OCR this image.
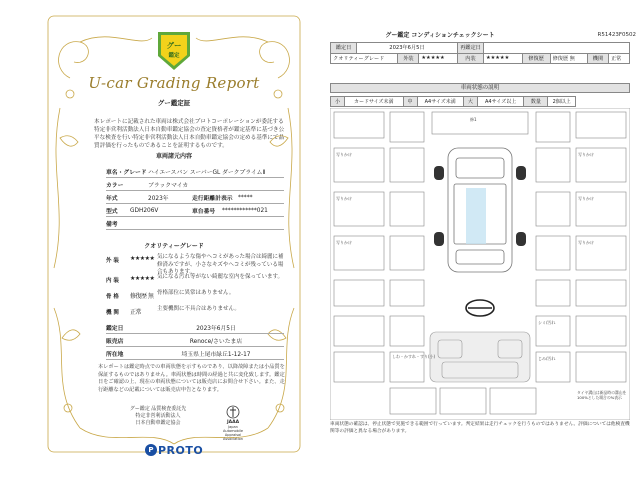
グー
鑑定
U-car Grading Report
グー鑑定証
本レポートに記載された車両は株式会社プロトコーポレーションが委託する特定非営利活動法人日本自動車鑑定協会の査定資格者が鑑定基準に基づき公平な検査を行い特定非営利活動法人日本自動車鑑定協会の定める基準にて品質評価を行ったものであることを証明するものです。
車両諸元内容
車名・グレード ハイエースバン スーパーGL ダークプライムⅡ
カラー	ブラックマイカ
年式	2023年	走行距離計表示 *****
型式	GDH206V	車台番号	************021
備考
クオリティーグレード
外 装	★★★★★ 気になるような傷やヘコミがあった場合は綺麗に補修済みですが、小さなキズやヘコミが残っている場合もあります。
内 装	★★★★★ 気になる汚れ等がない綺麗な室内を保っています。
骨 格	修復歴 無 骨格部位に異常はありません。
機 関	正常	主要機関に不具合はありません。
鑑定日	2023年6月5日
販売店	Renoce/さいたま店
所在地	埼玉県上尾市緑丘1-12-17
本レポートは鑑定時点での車両状態を示すものであり、以降故障または小品質を保証するものではありません。車両状態は時間の経過と共に変化致します。鑑定日をご確認の上、現在の車両状態については販売店にお問合せ下さい。また、走行距離などの記載については販売店申告となります。
グー鑑定 品質検査委託先
特定非営利活動法人
日本自動車鑑定協会	JAAA
Japan Automobile Appraisal Association
P PROTO
グー鑑定 コンディションチェックシート	R51423F0502
鑑定日	2023年6月5日			再鑑定日					
クオリティーグレード		外装	★★★★★	内装	★★★★★	修復歴	修復歴 無	機関	正常
車両状態の説明
小	カードサイズ未満	中	A4サイズ未満	大	A4サイズ以上	数量	2個以上
修1
写りかけ	写りかけ
写りかけ	写りかけ
写りかけ	写りかけ
しわ・かすれ・すり(小)
シミ/汚れ
じみ/汚れ
タイヤ溝山は新品時の溝山を100%とした場合の%表示
車両状態の確認は、停止状態で実施できる範囲で行っています。判定結果は走行チェックを行うものではありません。評価については他検査機関等の評価と異なる場合があります。
